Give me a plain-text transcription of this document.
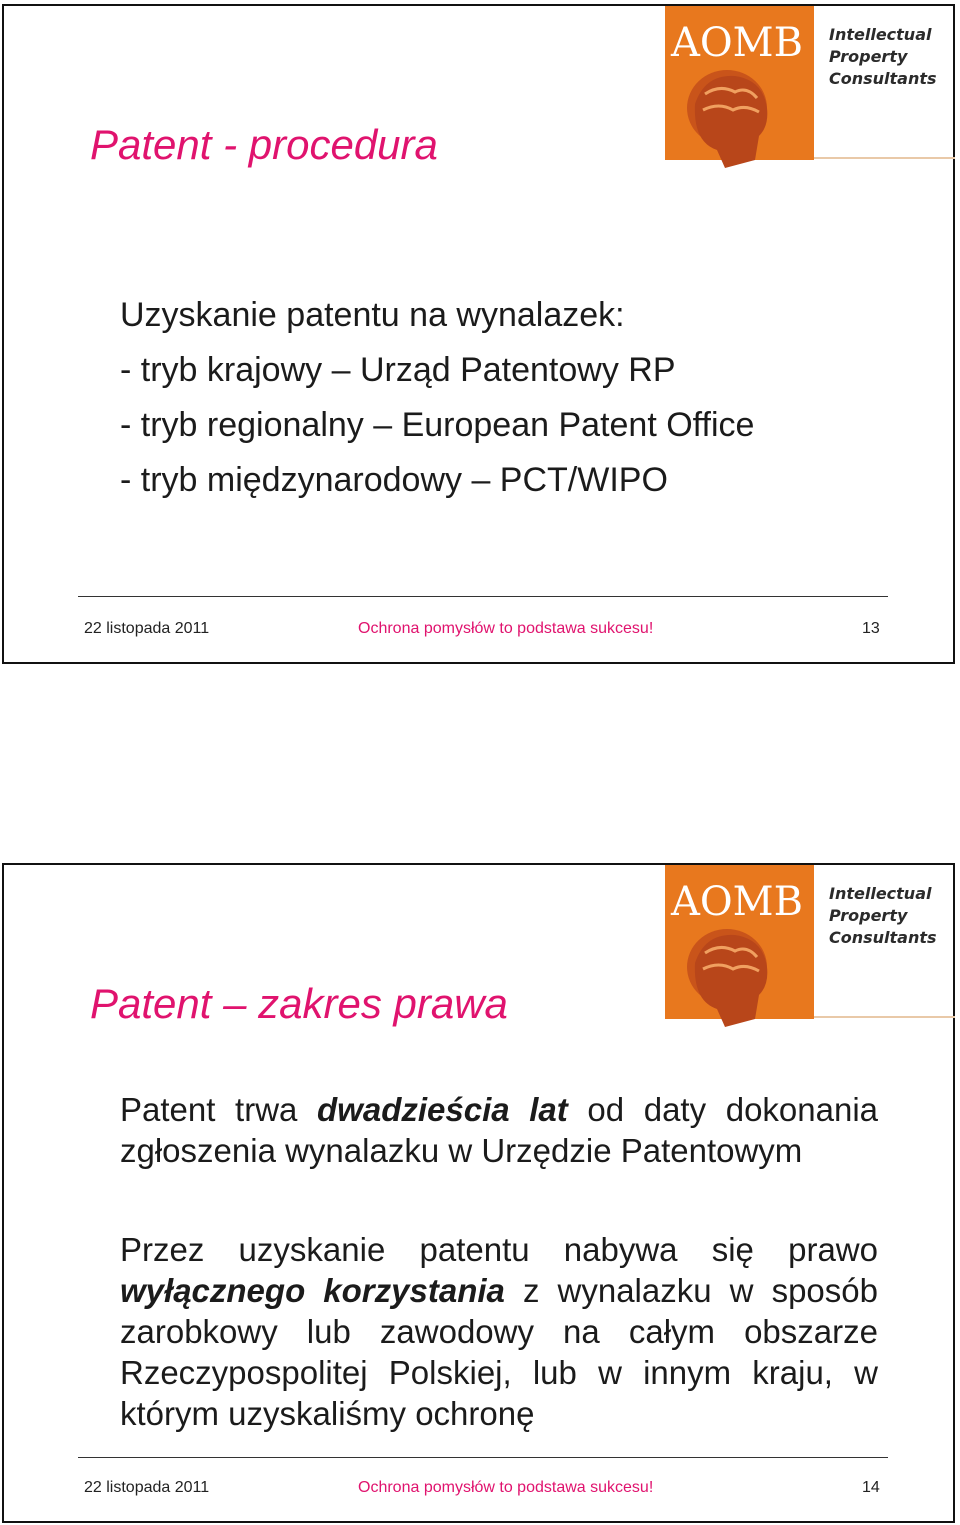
AOMB Intellectual
Property
Consultants
Patent - procedura
Uzyskanie patentu na wynalazek:
- tryb krajowy – Urząd Patentowy RP
- tryb regionalny – European Patent Office
- tryb międzynarodowy – PCT/WIPO
22 listopada 2011	Ochrona pomysłów to podstawa sukcesu!	13
AOMB Intellectual
Property
Consultants
Patent – zakres prawa
Patent trwa dwadzieścia lat od daty dokonania zgłoszenia wynalazku w Urzędzie Patentowym
Przez uzyskanie patentu nabywa się prawo wyłącznego korzystania z wynalazku w sposób zarobkowy lub zawodowy na całym obszarze Rzeczypospolitej Polskiej, lub w innym kraju, w którym uzyskaliśmy ochronę
22 listopada 2011	Ochrona pomysłów to podstawa sukcesu!	14
